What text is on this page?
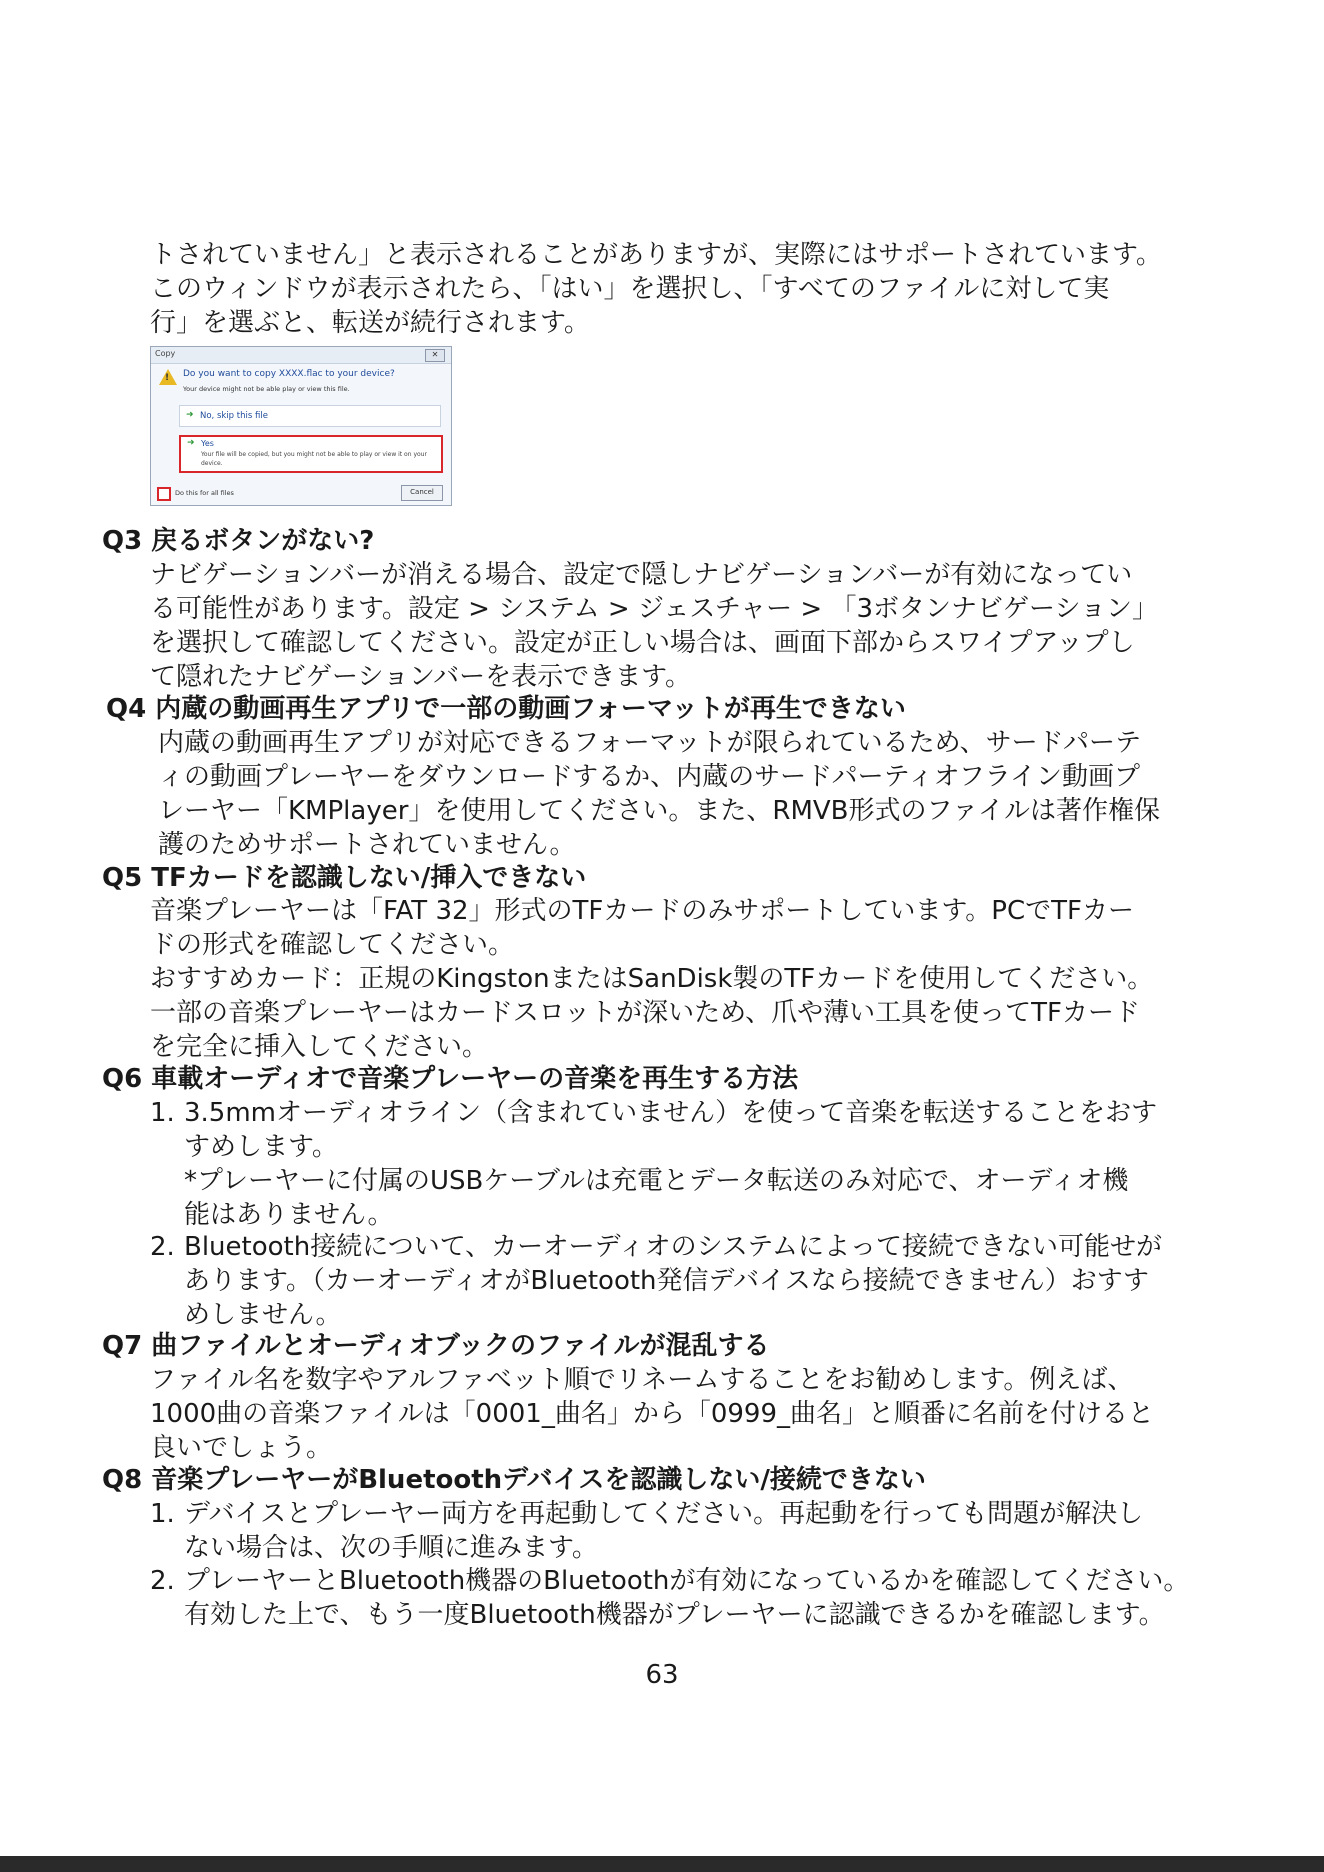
トされていません」と表示されることがありますが、実際にはサポートされています。
このウィンドウが表示されたら、「はい」を選択し、「すべてのファイルに対して実
行」を選ぶと、転送が続行されます。
Copy	✕
! Do you want to copy XXXX.flac to your device?
Your device might not be able play or view this file.
➜ No, skip this file
➜ Yes
Your file will be copied, but you might not be able to play or view it on your device.
Do this for all files	Cancel
Q3 戻るボタンがない?
ナビゲーションバーが消える場合、設定で隠しナビゲーションバーが有効になってい
る可能性があります。設定 > システム > ジェスチャー > 「3ボタンナビゲーション」
を選択して確認してください。設定が正しい場合は、画面下部からスワイプアップし
て隠れたナビゲーションバーを表示できます。
Q4 内蔵の動画再生アプリで一部の動画フォーマットが再生できない
内蔵の動画再生アプリが対応できるフォーマットが限られているため、サードパーテ
ィの動画プレーヤーをダウンロードするか、内蔵のサードパーティオフライン動画プ
レーヤー「KMPlayer」を使用してください。また、RMVB形式のファイルは著作権保
護のためサポートされていません。
Q5 TFカードを認識しない/挿入できない
音楽プレーヤーは「FAT 32」形式のTFカードのみサポートしています。PCでTFカー
ドの形式を確認してください。
おすすめカード：正規のKingstonまたはSanDisk製のTFカードを使用してください。
一部の音楽プレーヤーはカードスロットが深いため、爪や薄い工具を使ってTFカード
を完全に挿入してください。
Q6 車載オーディオで音楽プレーヤーの音楽を再生する方法
1. 3.5mmオーディオライン（含まれていません）を使って音楽を転送することをおす
すめします。
*プレーヤーに付属のUSBケーブルは充電とデータ転送のみ対応で、オーディオ機
能はありません。
2. Bluetooth接続について、カーオーディオのシステムによって接続できない可能せが
あります。（カーオーディオがBluetooth発信デバイスなら接続できません）おすす
めしません。
Q7 曲ファイルとオーディオブックのファイルが混乱する
ファイル名を数字やアルファベット順でリネームすることをお勧めします。例えば、
1000曲の音楽ファイルは「0001_曲名」から「0999_曲名」と順番に名前を付けると
良いでしょう。
Q8 音楽プレーヤーがBluetoothデバイスを認識しない/接続できない
1. デバイスとプレーヤー両方を再起動してください。再起動を行っても問題が解決し
ない場合は、次の手順に進みます。
2. プレーヤーとBluetooth機器のBluetoothが有効になっているかを確認してください。
有効した上で、もう一度Bluetooth機器がプレーヤーに認識できるかを確認します。
63
